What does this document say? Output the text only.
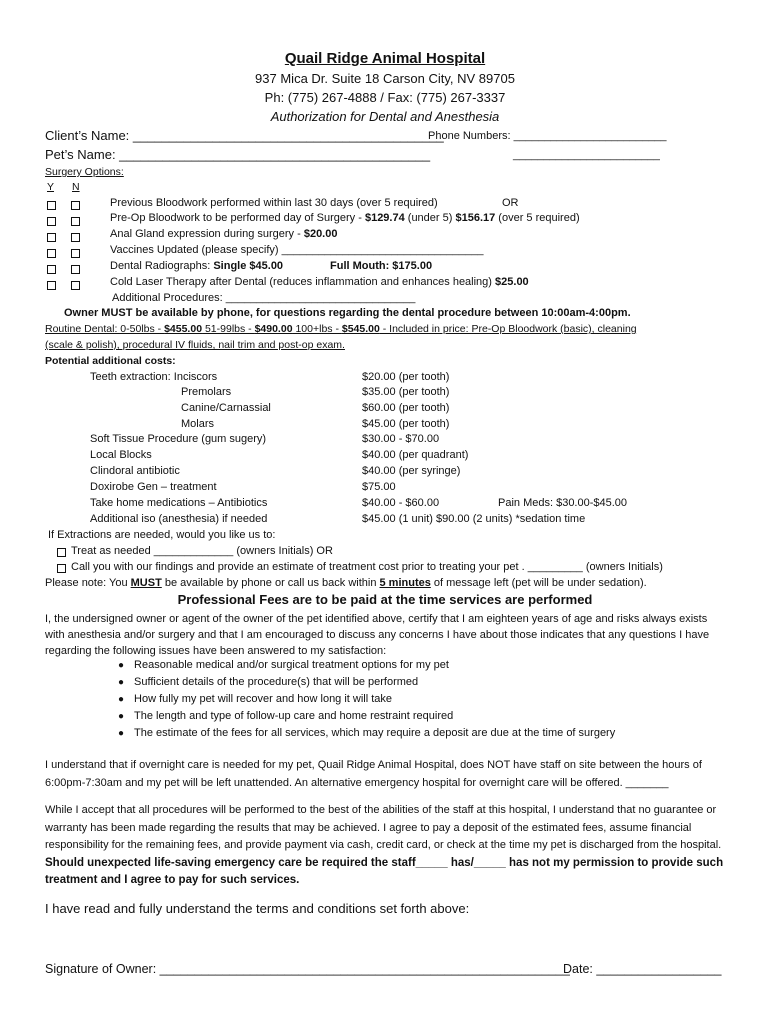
Quail Ridge Animal Hospital
937 Mica Dr. Suite 18 Carson City, NV 89705
Ph: (775) 267-4888 / Fax: (775) 267-3337
Authorization for Dental and Anesthesia
Client’s Name: ___________________________________________
Phone Numbers: _________________________
Pet’s Name: ___________________________________________	________________________
Surgery Options:
Y N
Previous Bloodwork performed within last 30 days (over 5 required)	OR
Pre-Op Bloodwork to be performed day of Surgery - $129.74 (under 5) $156.17 (over 5 required)
Anal Gland expression during surgery - $20.00
Vaccines Updated (please specify) _________________________________
Dental Radiographs: Single $45.00	Full Mouth: $175.00
Cold Laser Therapy after Dental (reduces inflammation and enhances healing) $25.00
Additional Procedures: _______________________________
Owner MUST be available by phone, for questions regarding the dental procedure between 10:00am-4:00pm.
Routine Dental: 0-50lbs - $455.00 51-99lbs - $490.00 100+lbs - $545.00 - Included in price: Pre-Op Bloodwork (basic), cleaning
(scale & polish), procedural IV fluids, nail trim and post-op exam.
Potential additional costs:
Teeth extraction: Inciscors	$20.00 (per tooth)
Premolars	$35.00 (per tooth)
Canine/Carnassial	$60.00 (per tooth)
Molars	$45.00 (per tooth)
Soft Tissue Procedure (gum sugery)	$30.00 - $70.00
Local Blocks	$40.00 (per quadrant)
Clindoral antibiotic	$40.00 (per syringe)
Doxirobe Gen – treatment	$75.00
Take home medications – Antibiotics	$40.00 - $60.00	Pain Meds: $30.00-$45.00
Additional iso (anesthesia) if needed	$45.00 (1 unit) $90.00 (2 units) *sedation time
If Extractions are needed, would you like us to:
Treat as needed _____________ (owners Initials) OR
Call you with our findings and provide an estimate of treatment cost prior to treating your pet . _________ (owners Initials)
Please note: You MUST be available by phone or call us back within 5 minutes of message left (pet will be under sedation).
Professional Fees are to be paid at the time services are performed
I, the undersigned owner or agent of the owner of the pet identified above, certify that I am eighteen years of age and risks always exists with anesthesia and/or surgery and that I am encouraged to discuss any concerns I have about those indicates that any questions I have regarding the following issues have been answered to my satisfaction:
● Reasonable medical and/or surgical treatment options for my pet
● Sufficient details of the procedure(s) that will be performed
● How fully my pet will recover and how long it will take
● The length and type of follow-up care and home restraint required
● The estimate of the fees for all services, which may require a deposit are due at the time of surgery
I understand that if overnight care is needed for my pet, Quail Ridge Animal Hospital, does NOT have staff on site between the hours of 6:00pm-7:30am and my pet will be left unattended. An alternative emergency hospital for overnight care will be offered. _______
While I accept that all procedures will be performed to the best of the abilities of the staff at this hospital, I understand that no guarantee or warranty has been made regarding the results that may be achieved. I agree to pay a deposit of the estimated fees, assume financial responsibility for the remaining fees, and provide payment via cash, credit card, or check at the time my pet is discharged from the hospital. Should unexpected life-saving emergency care be required the staff_____ has/_____ has not my permission to provide such treatment and I agree to pay for such services.
I have read and fully understand the terms and conditions set forth above:
Signature of Owner: ___________________________________________________________
Date: __________________
